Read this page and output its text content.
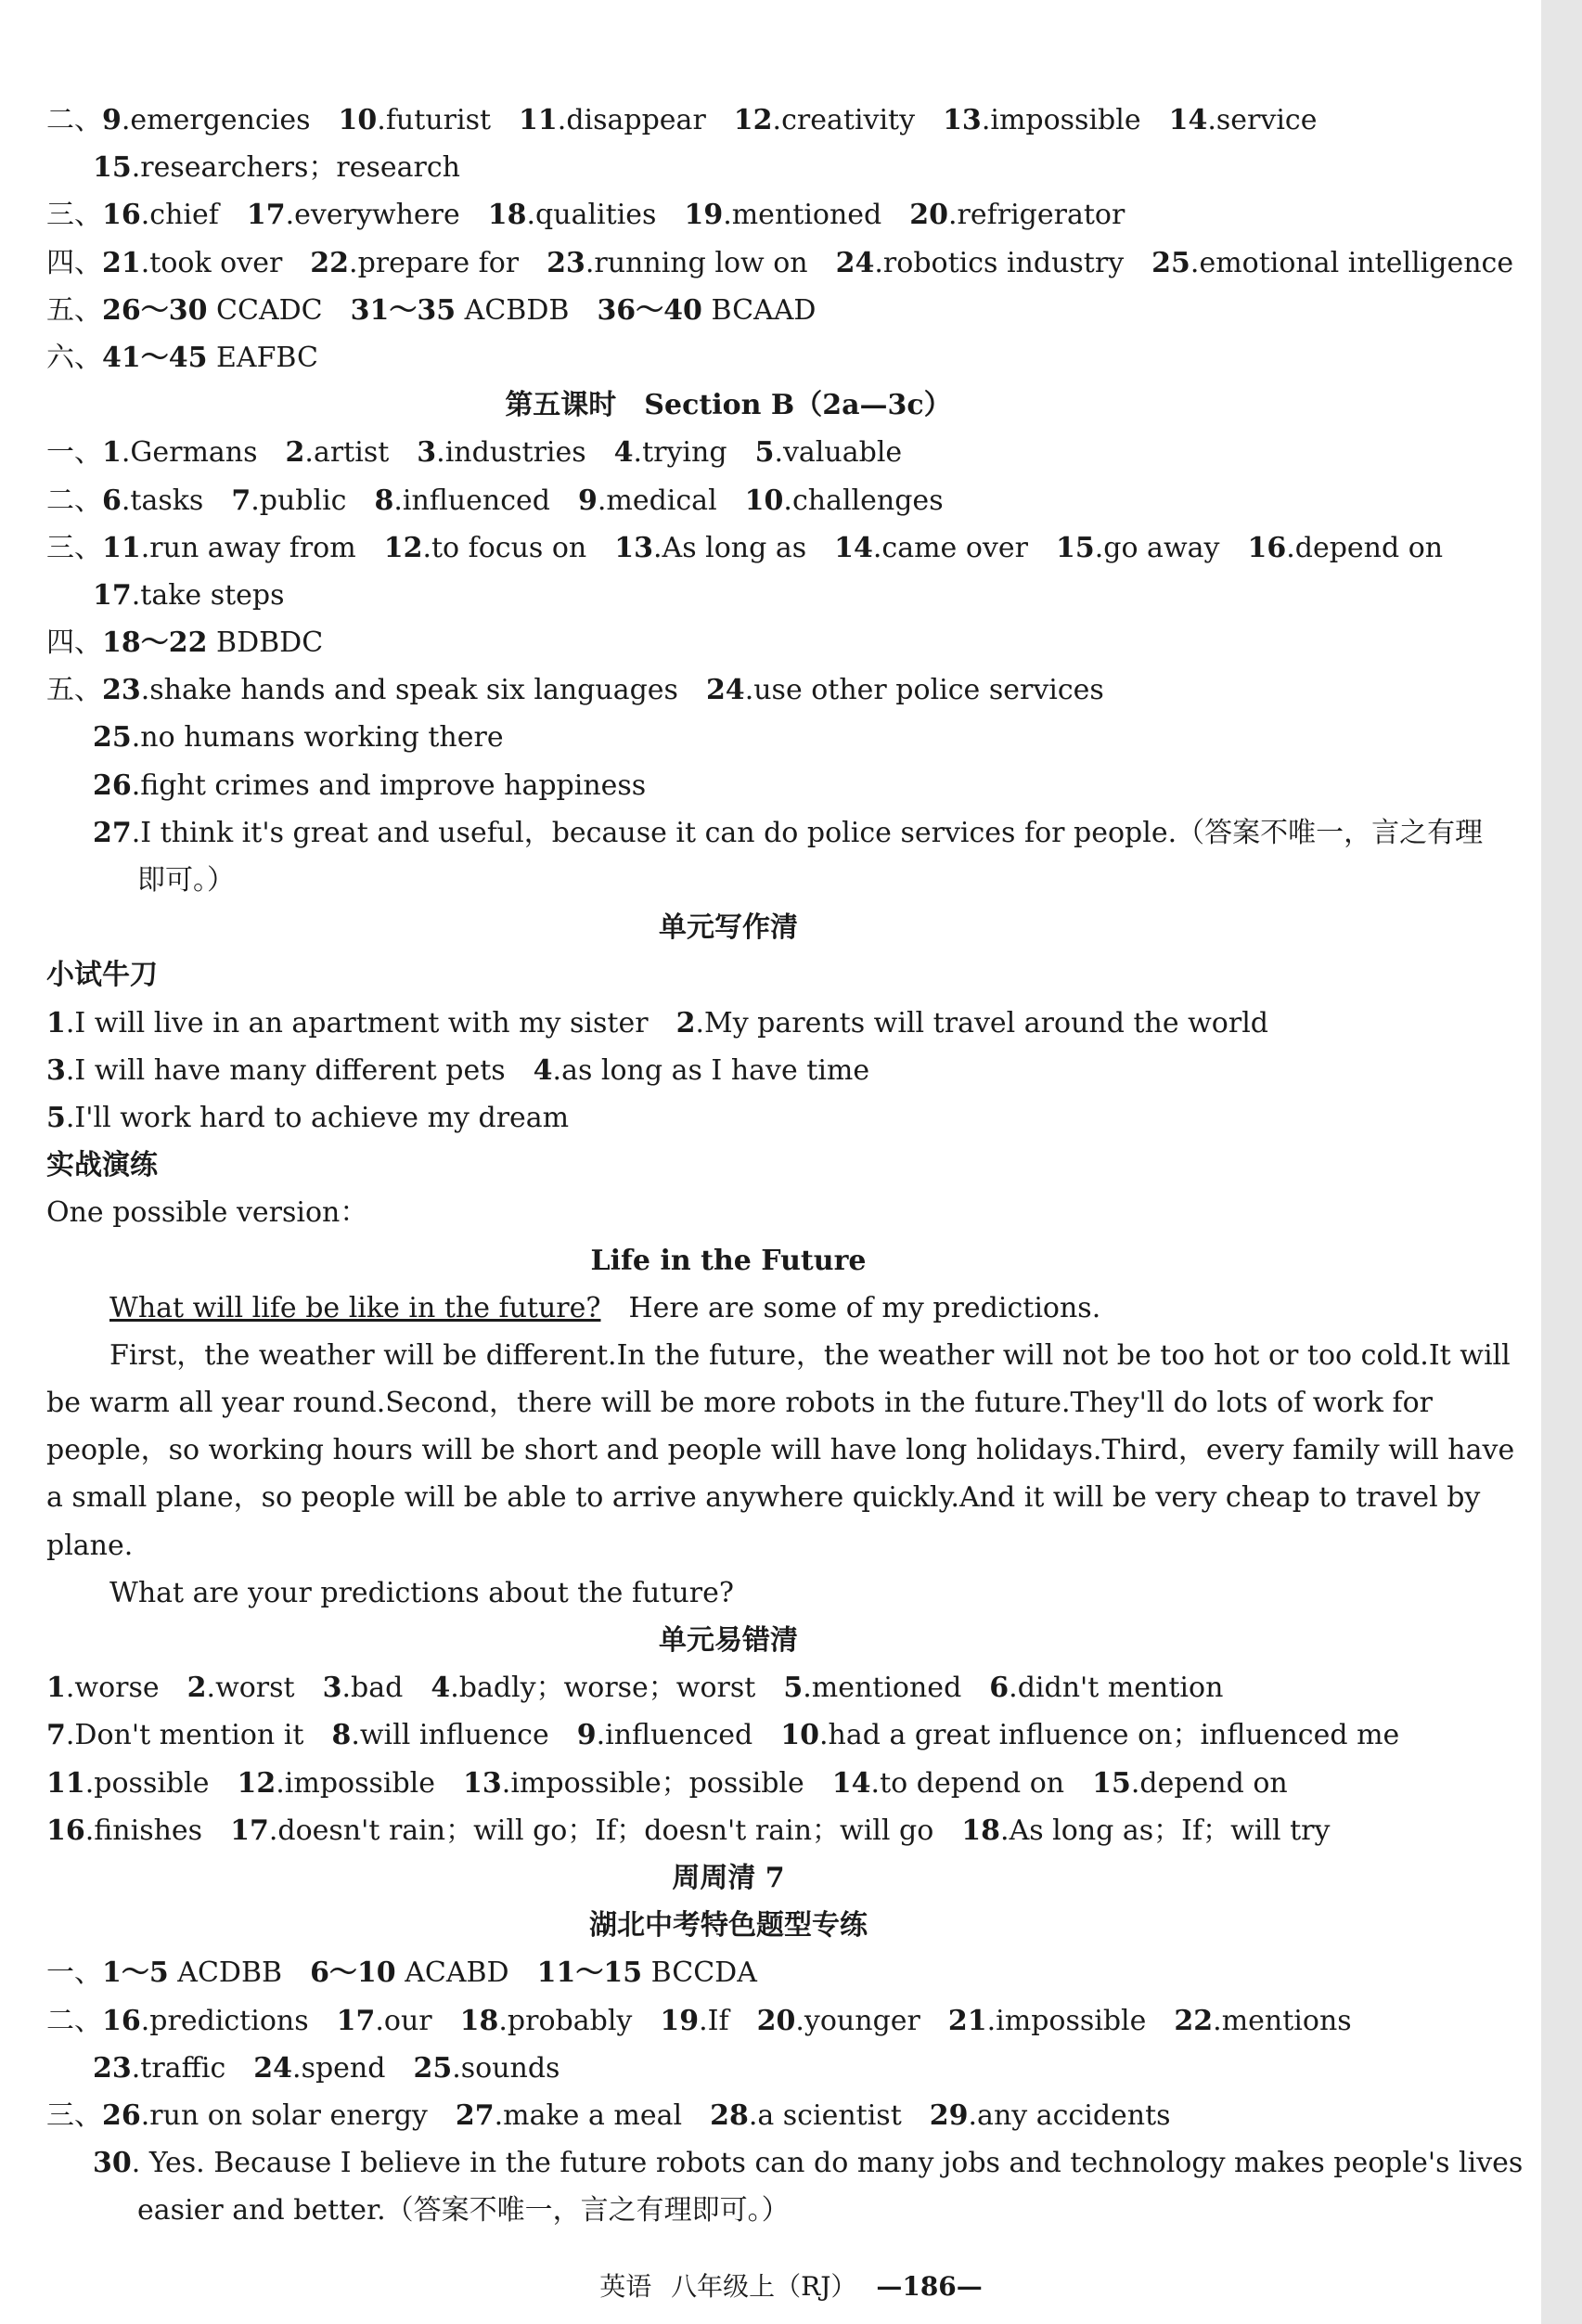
二、9.emergencies 10.futurist 11.disappear 12.creativity 13.impossible 14.service
15.researchers；research
三、16.chief 17.everywhere 18.qualities 19.mentioned 20.refrigerator
四、21.took over 22.prepare for 23.running low on 24.robotics industry 25.emotional intelligence
五、26～30 CCADC 31～35 ACBDB 36～40 BCAAD
六、41～45 EAFBC
第五课时　Section B（2a—3c）
一、1.Germans 2.artist 3.industries 4.trying 5.valuable
二、6.tasks 7.public 8.influenced 9.medical 10.challenges
三、11.run away from 12.to focus on 13.As long as 14.came over 15.go away 16.depend on
17.take steps
四、18～22 BDBDC
五、23.shake hands and speak six languages 24.use other police services
25.no humans working there
26.fight crimes and improve happiness
27.I think it's great and useful，because it can do police services for people.（答案不唯一，言之有理
即可。）
单元写作清
小试牛刀
1.I will live in an apartment with my sister 2.My parents will travel around the world
3.I will have many different pets 4.as long as I have time
5.I'll work hard to achieve my dream
实战演练
One possible version：
Life in the Future
What will life be like in the future?　Here are some of my predictions.
First，the weather will be different.In the future，the weather will not be too hot or too cold.It will
be warm all year round.Second，there will be more robots in the future.They'll do lots of work for
people，so working hours will be short and people will have long holidays.Third，every family will have
a small plane，so people will be able to arrive anywhere quickly.And it will be very cheap to travel by
plane.
What are your predictions about the future?
单元易错清
1.worse 2.worst 3.bad 4.badly；worse；worst 5.mentioned 6.didn't mention
7.Don't mention it 8.will influence 9.influenced 10.had a great influence on；influenced me
11.possible 12.impossible 13.impossible；possible 14.to depend on 15.depend on
16.finishes 17.doesn't rain；will go；If；doesn't rain；will go 18.As long as；If；will try
周周清 7
湖北中考特色题型专练
一、1～5 ACDBB 6～10 ACABD 11～15 BCCDA
二、16.predictions 17.our 18.probably 19.If 20.younger 21.impossible 22.mentions
23.traffic 24.spend 25.sounds
三、26.run on solar energy 27.make a meal 28.a scientist 29.any accidents
30. Yes. Because I believe in the future robots can do many jobs and technology makes people's lives
easier and better.（答案不唯一，言之有理即可。）
英语 八年级上（RJ） —186—
